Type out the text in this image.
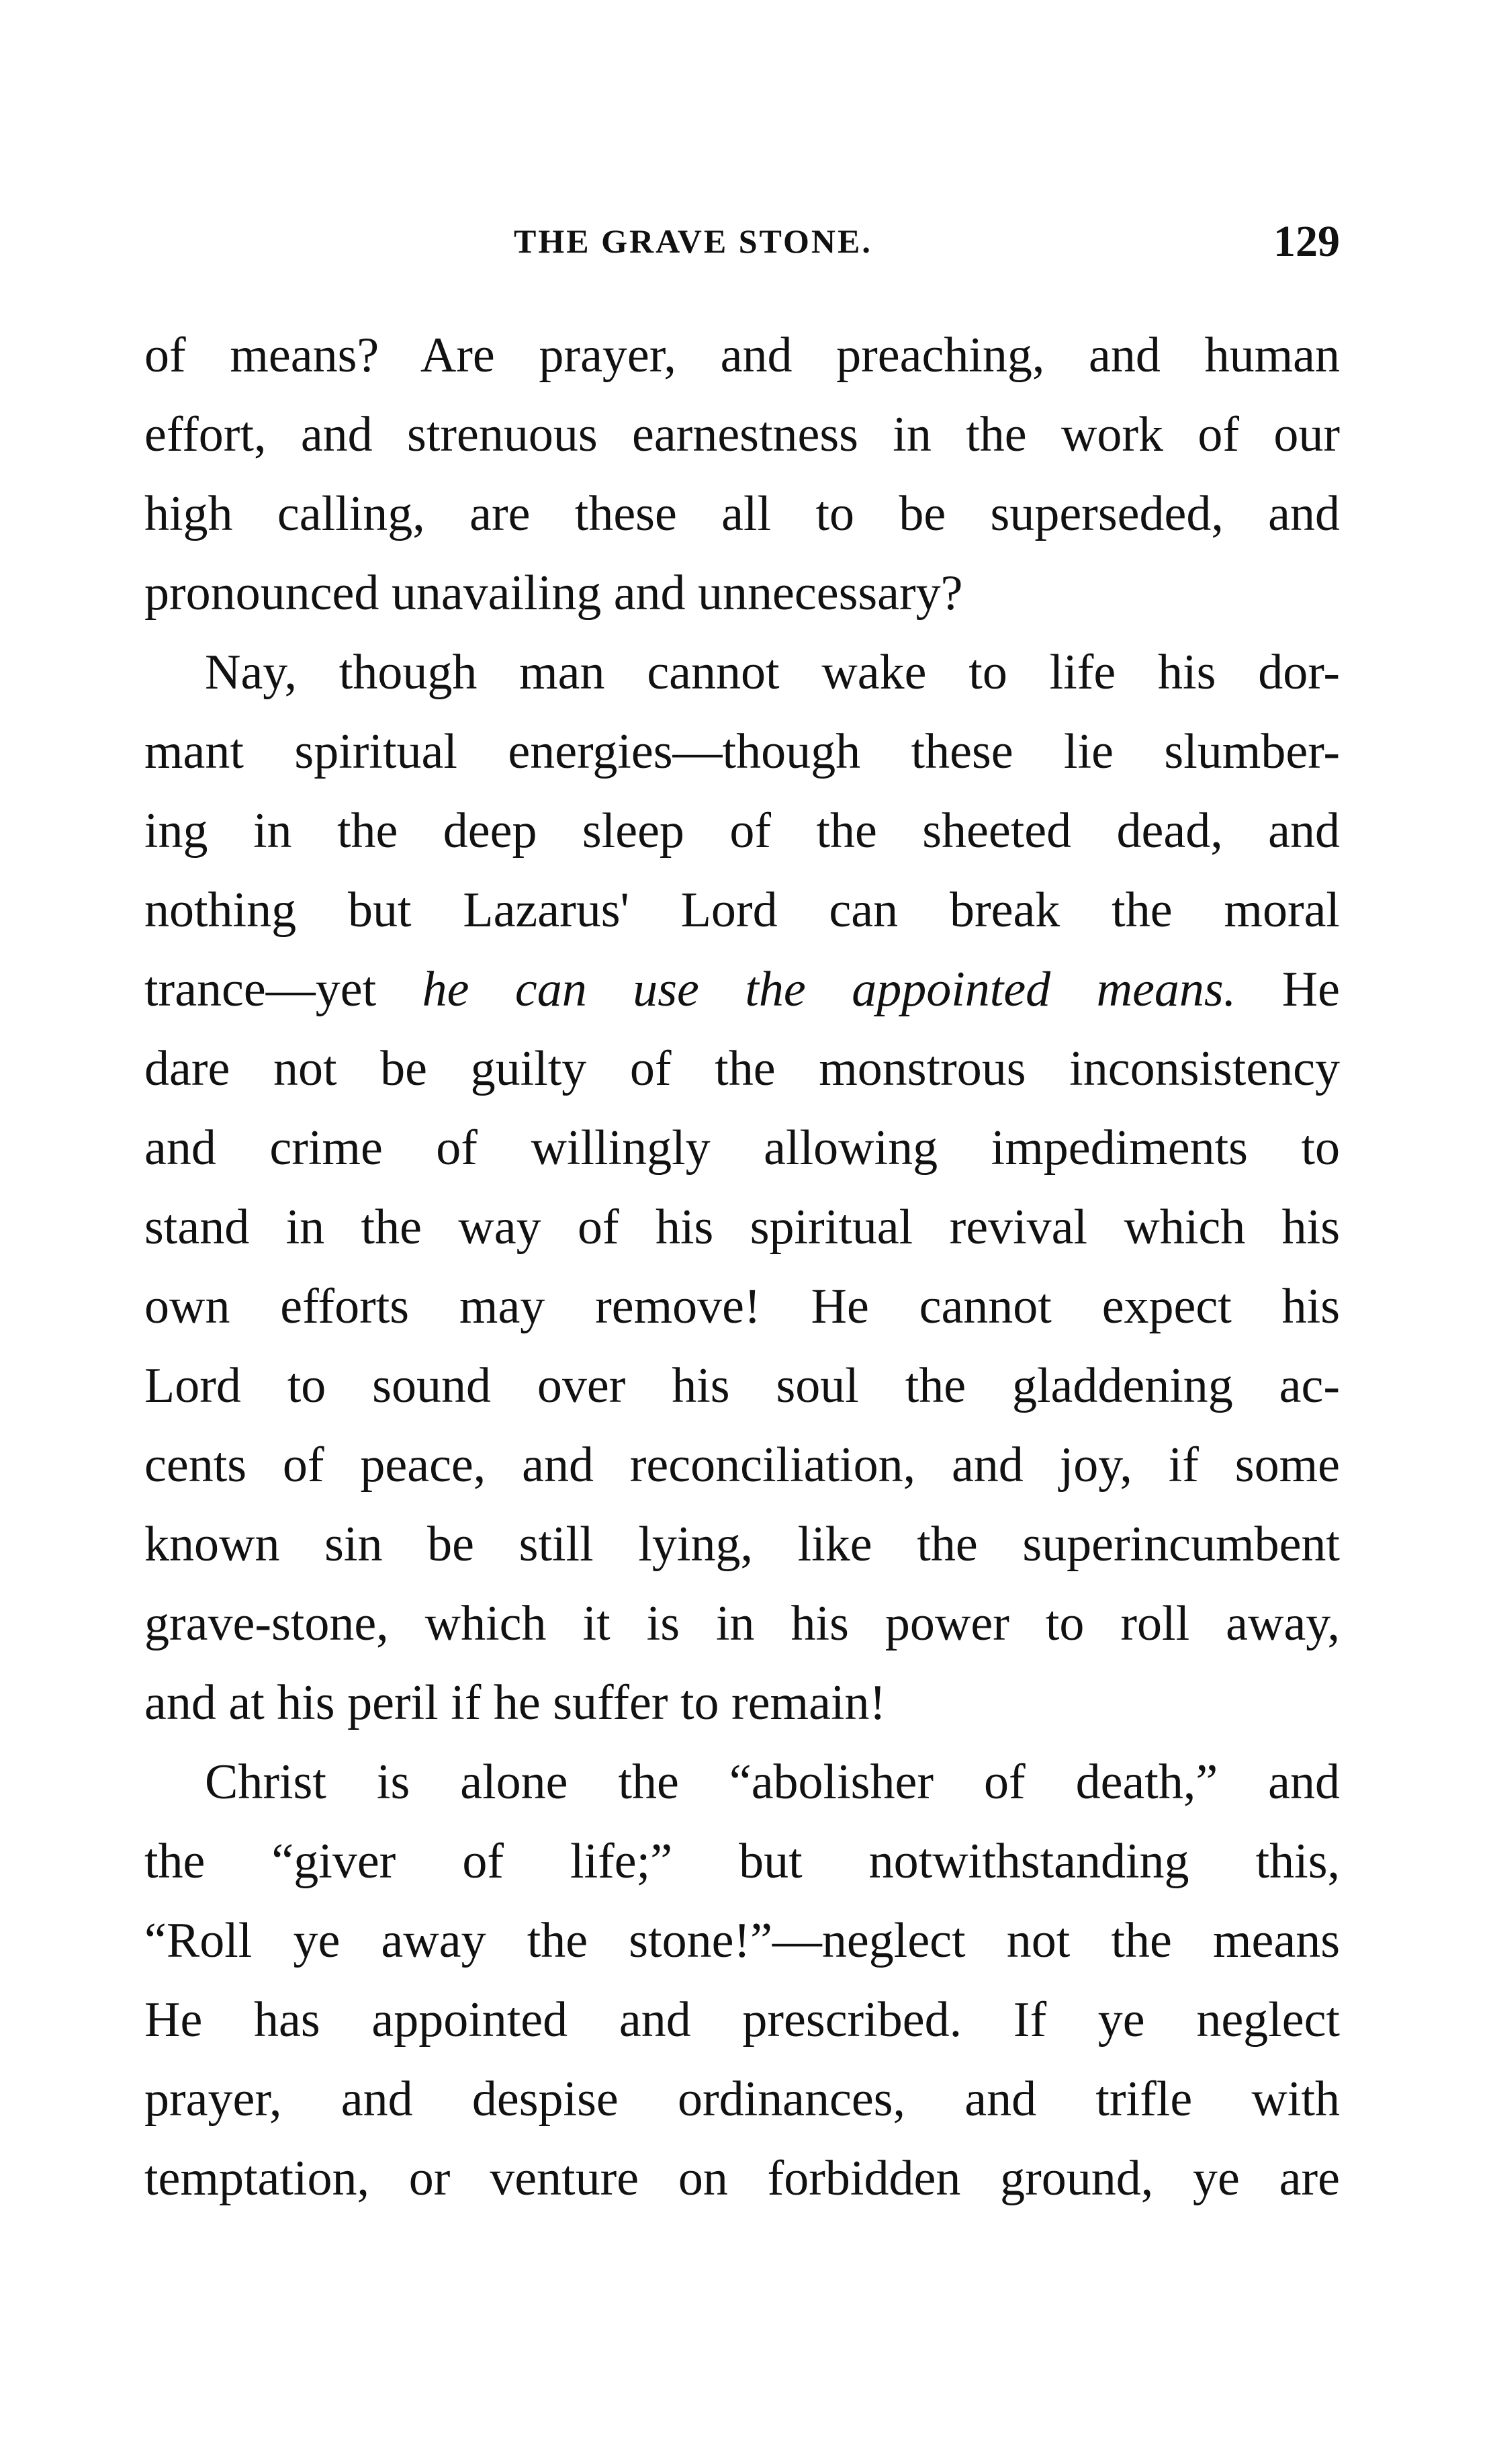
THE GRAVE STONE.	129
of means? Are prayer, and preaching, and human
effort, and strenuous earnestness in the work of our
high calling, are these all to be superseded, and
pronounced unavailing and unnecessary?
Nay, though man cannot wake to life his dor-
mant spiritual energies—though these lie slumber-
ing in the deep sleep of the sheeted dead, and
nothing but Lazarus' Lord can break the moral
trance—yet he can use the appointed means. He
dare not be guilty of the monstrous inconsistency
and crime of willingly allowing impediments to
stand in the way of his spiritual revival which his
own efforts may remove! He cannot expect his
Lord to sound over his soul the gladdening ac-
cents of peace, and reconciliation, and joy, if some
known sin be still lying, like the superincumbent
grave-stone, which it is in his power to roll away,
and at his peril if he suffer to remain!
Christ is alone the “abolisher of death,” and
the “giver of life;” but notwithstanding this,
“Roll ye away the stone!”—neglect not the means
He has appointed and prescribed. If ye neglect
prayer, and despise ordinances, and trifle with
temptation, or venture on forbidden ground, ye are
